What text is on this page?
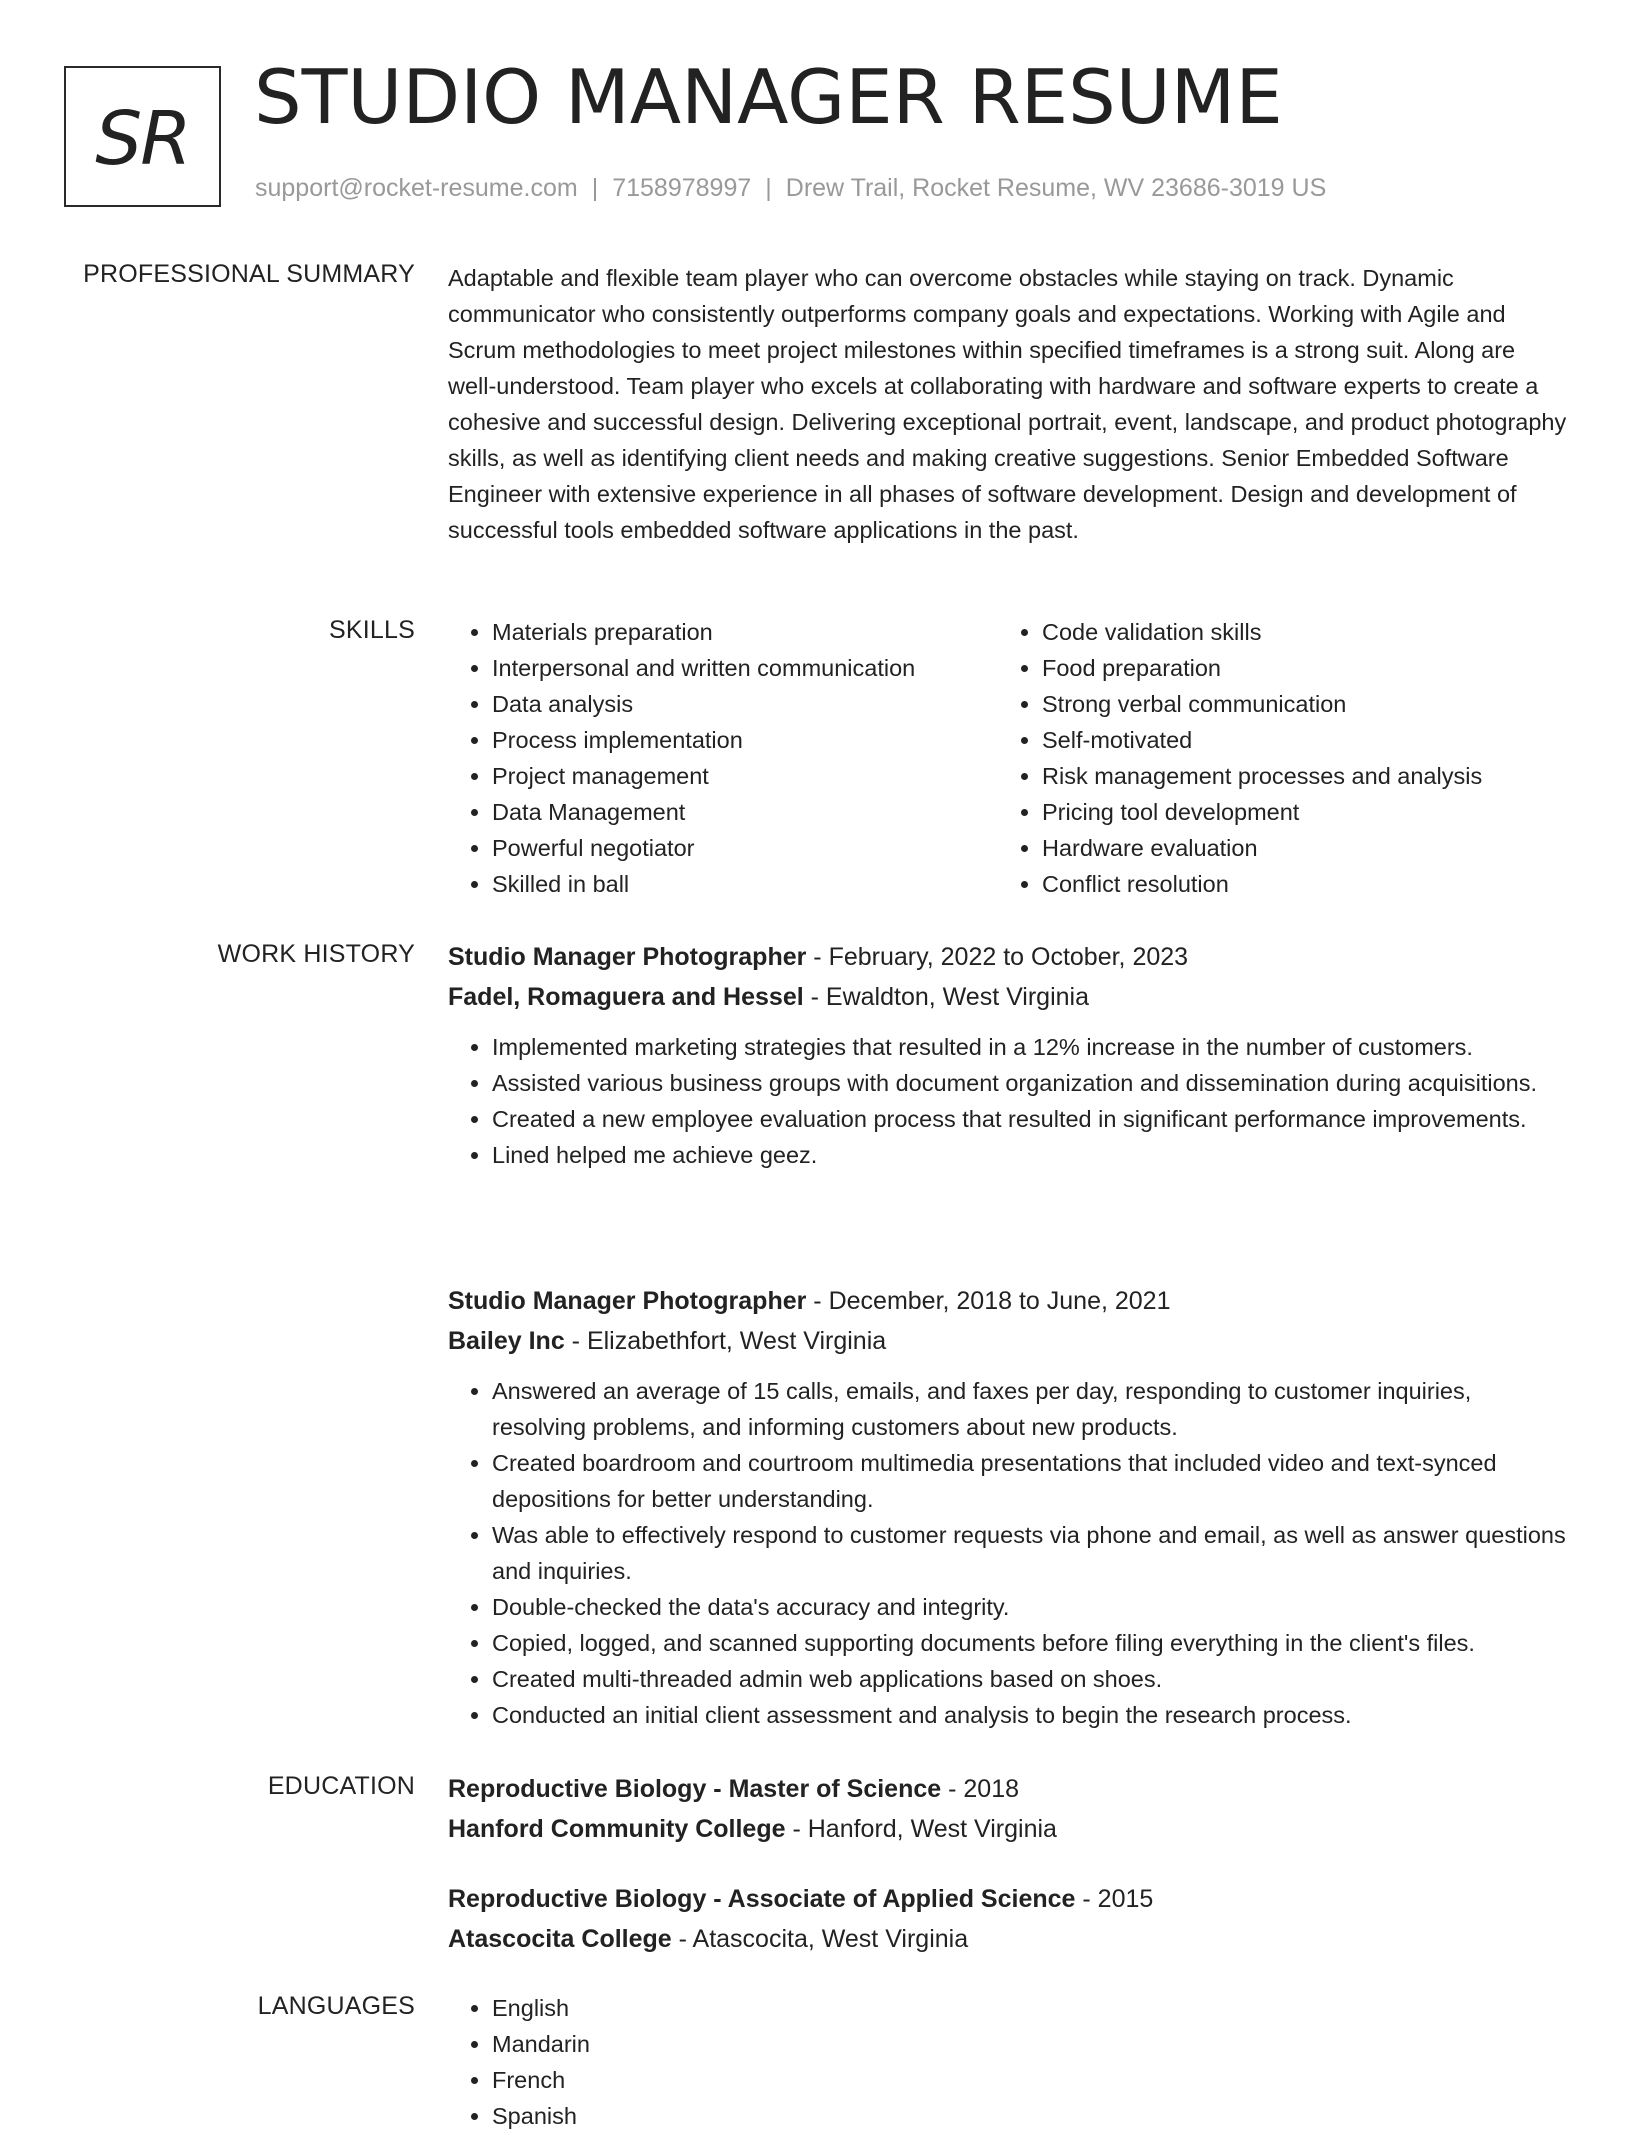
SR STUDIO MANAGER RESUME
support@rocket-resume.com | 7158978997 | Drew Trail, Rocket Resume, WV 23686-3019 US
PROFESSIONAL SUMMARY Adaptable and flexible team player who can overcome obstacles while staying on track. Dynamic communicator who consistently outperforms company goals and expectations. Working with Agile and Scrum methodologies to meet project milestones within specified timeframes is a strong suit. Along are well-understood. Team player who excels at collaborating with hardware and software experts to create a cohesive and successful design. Delivering exceptional portrait, event, landscape, and product photography skills, as well as identifying client needs and making creative suggestions. Senior Embedded Software Engineer with extensive experience in all phases of software development. Design and development of successful tools embedded software applications in the past.

SKILLS	• Materials preparation
• Interpersonal and written communication
• Data analysis
• Process implementation
• Project management
• Data Management
• Powerful negotiator
• Skilled in ball
• Code validation skills
• Food preparation
• Strong verbal communication
• Self-motivated
• Risk management processes and analysis
• Pricing tool development
• Hardware evaluation
• Conflict resolution
WORK HISTORY Studio Manager Photographer - February, 2022 to October, 2023
Fadel, Romaguera and Hessel - Ewaldton, West Virginia
• Implemented marketing strategies that resulted in a 12% increase in the number of customers.
• Assisted various business groups with document organization and dissemination during acquisitions.
• Created a new employee evaluation process that resulted in significant performance improvements.
• Lined helped me achieve geez.
Studio Manager Photographer - December, 2018 to June, 2021
Bailey Inc - Elizabethfort, West Virginia
• Answered an average of 15 calls, emails, and faxes per day, responding to customer inquiries, resolving problems, and informing customers about new products.
• Created boardroom and courtroom multimedia presentations that included video and text-synced depositions for better understanding.
• Was able to effectively respond to customer requests via phone and email, as well as answer questions and inquiries.
• Double-checked the data's accuracy and integrity.
• Copied, logged, and scanned supporting documents before filing everything in the client's files.
• Created multi-threaded admin web applications based on shoes.
• Conducted an initial client assessment and analysis to begin the research process.
EDUCATION Reproductive Biology - Master of Science - 2018
Hanford Community College - Hanford, West Virginia
Reproductive Biology - Associate of Applied Science - 2015
Atascocita College - Atascocita, West Virginia
LANGUAGES	• English
• Mandarin
• French
• Spanish
